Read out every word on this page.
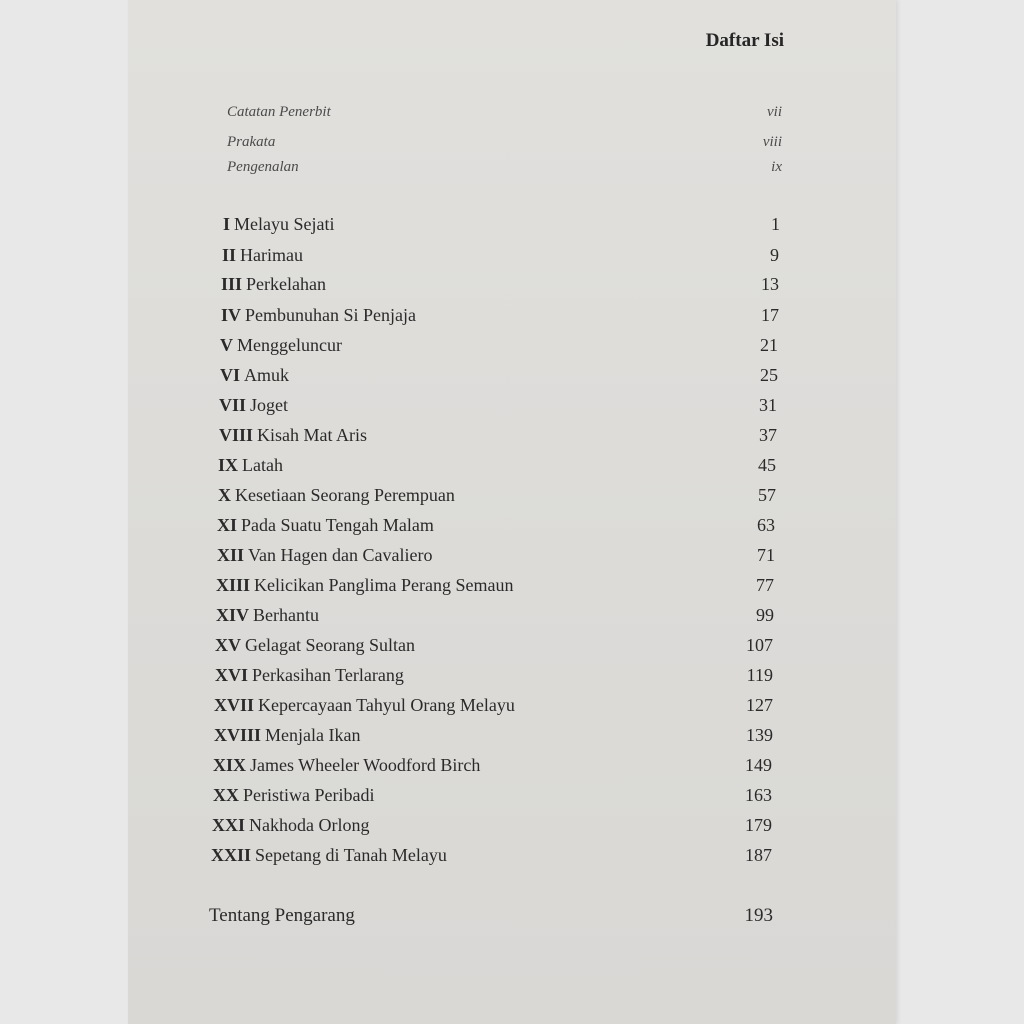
Daftar Isi
Catatan Penerbit	vii
Prakata	viii
Pengenalan	ix
I Melayu Sejati	1
II Harimau	9
III Perkelahan	13
IV Pembunuhan Si Penjaja	17
V Menggeluncur	21
VI Amuk	25
VII Joget	31
VIII Kisah Mat Aris	37
IX Latah	45
X Kesetiaan Seorang Perempuan	57
XI Pada Suatu Tengah Malam	63
XII Van Hagen dan Cavaliero	71
XIII Kelicikan Panglima Perang Semaun	77
XIV Berhantu	99
XV Gelagat Seorang Sultan	107
XVI Perkasihan Terlarang	119
XVII Kepercayaan Tahyul Orang Melayu	127
XVIII Menjala Ikan	139
XIX James Wheeler Woodford Birch	149
XX Peristiwa Peribadi	163
XXI Nakhoda Orlong	179
XXII Sepetang di Tanah Melayu	187
Tentang Pengarang	193
